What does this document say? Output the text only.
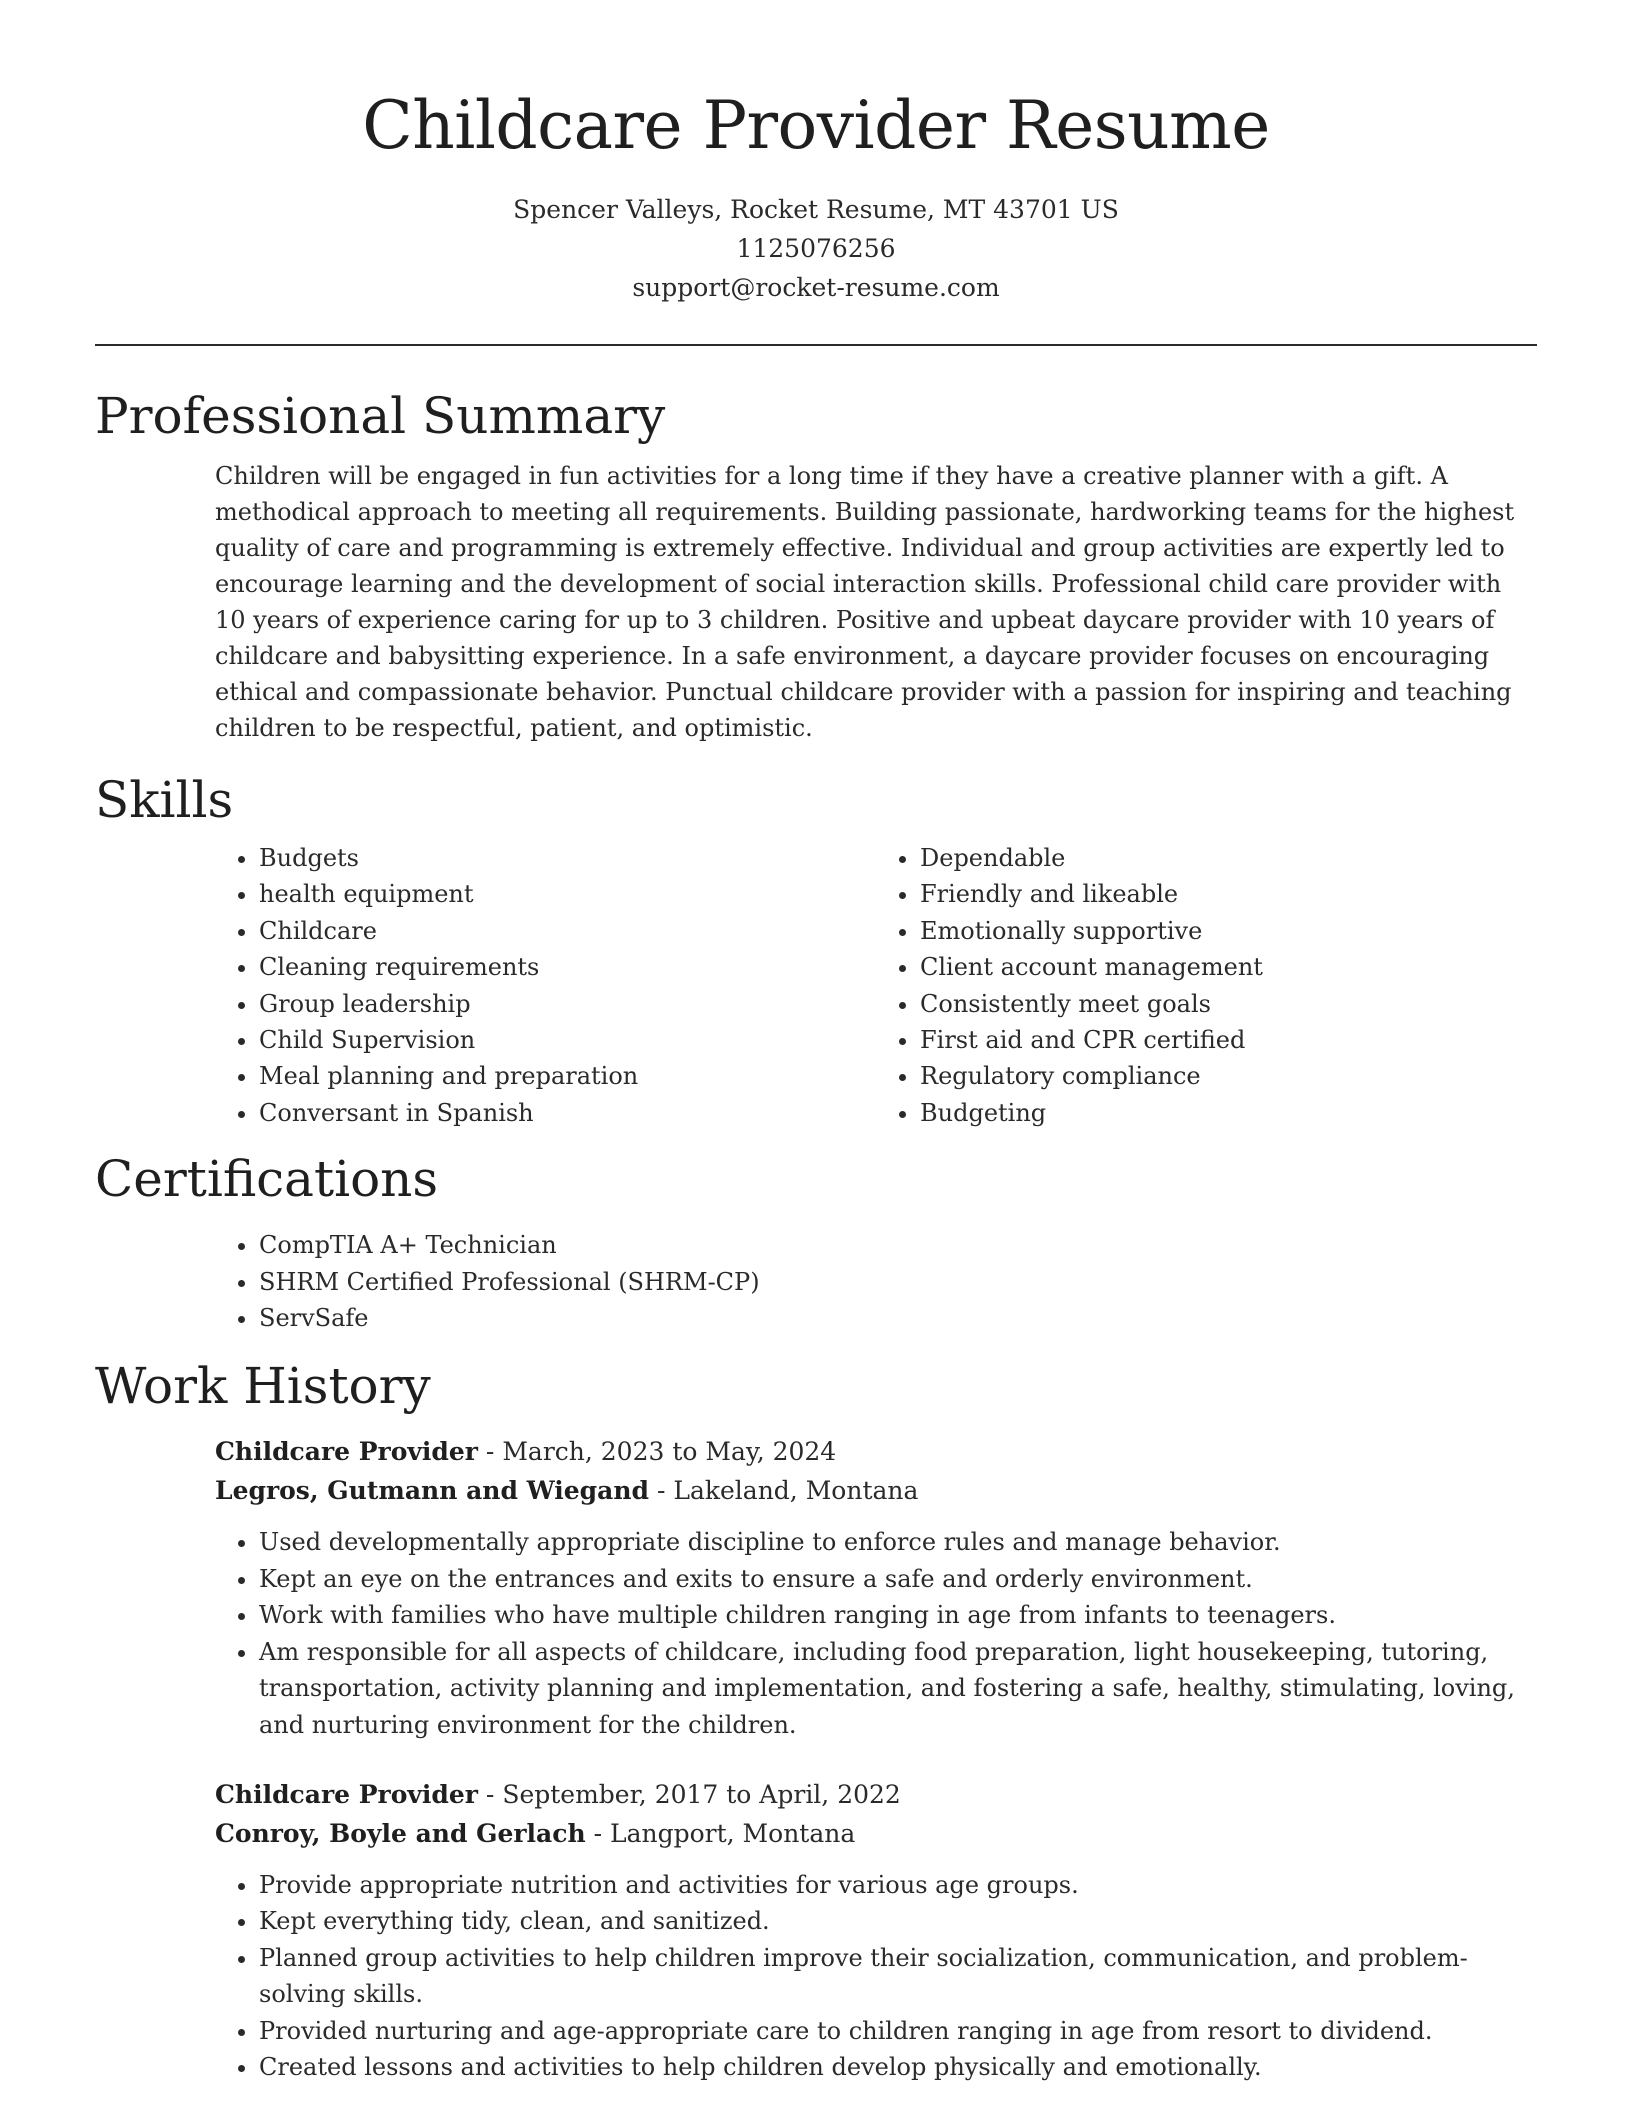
Childcare Provider Resume
Spencer Valleys, Rocket Resume, MT 43701 US
1125076256
support@rocket-resume.com
Professional Summary
Children will be engaged in fun activities for a long time if they have a creative planner with a gift. A methodical approach to meeting all requirements. Building passionate, hardworking teams for the highest quality of care and programming is extremely effective. Individual and group activities are expertly led to encourage learning and the development of social interaction skills. Professional child care provider with 10 years of experience caring for up to 3 children. Positive and upbeat daycare provider with 10 years of childcare and babysitting experience. In a safe environment, a daycare provider focuses on encouraging ethical and compassionate behavior. Punctual childcare provider with a passion for inspiring and teaching children to be respectful, patient, and optimistic.
Skills
• Budgets
• health equipment
• Childcare
• Cleaning requirements
• Group leadership
• Child Supervision
• Meal planning and preparation
• Conversant in Spanish
• Dependable
• Friendly and likeable
• Emotionally supportive
• Client account management
• Consistently meet goals
• First aid and CPR certified
• Regulatory compliance
• Budgeting
Certifications
• CompTIA A+ Technician
• SHRM Certified Professional (SHRM-CP)
• ServSafe
Work History
Childcare Provider - March, 2023 to May, 2024
Legros, Gutmann and Wiegand - Lakeland, Montana
• Used developmentally appropriate discipline to enforce rules and manage behavior.
• Kept an eye on the entrances and exits to ensure a safe and orderly environment.
• Work with families who have multiple children ranging in age from infants to teenagers.
• Am responsible for all aspects of childcare, including food preparation, light housekeeping, tutoring, transportation, activity planning and implementation, and fostering a safe, healthy, stimulating, loving, and nurturing environment for the children.
Childcare Provider - September, 2017 to April, 2022
Conroy, Boyle and Gerlach - Langport, Montana
• Provide appropriate nutrition and activities for various age groups.
• Kept everything tidy, clean, and sanitized.
• Planned group activities to help children improve their socialization, communication, and problem-solving skills.
• Provided nurturing and age-appropriate care to children ranging in age from resort to dividend.
• Created lessons and activities to help children develop physically and emotionally.
